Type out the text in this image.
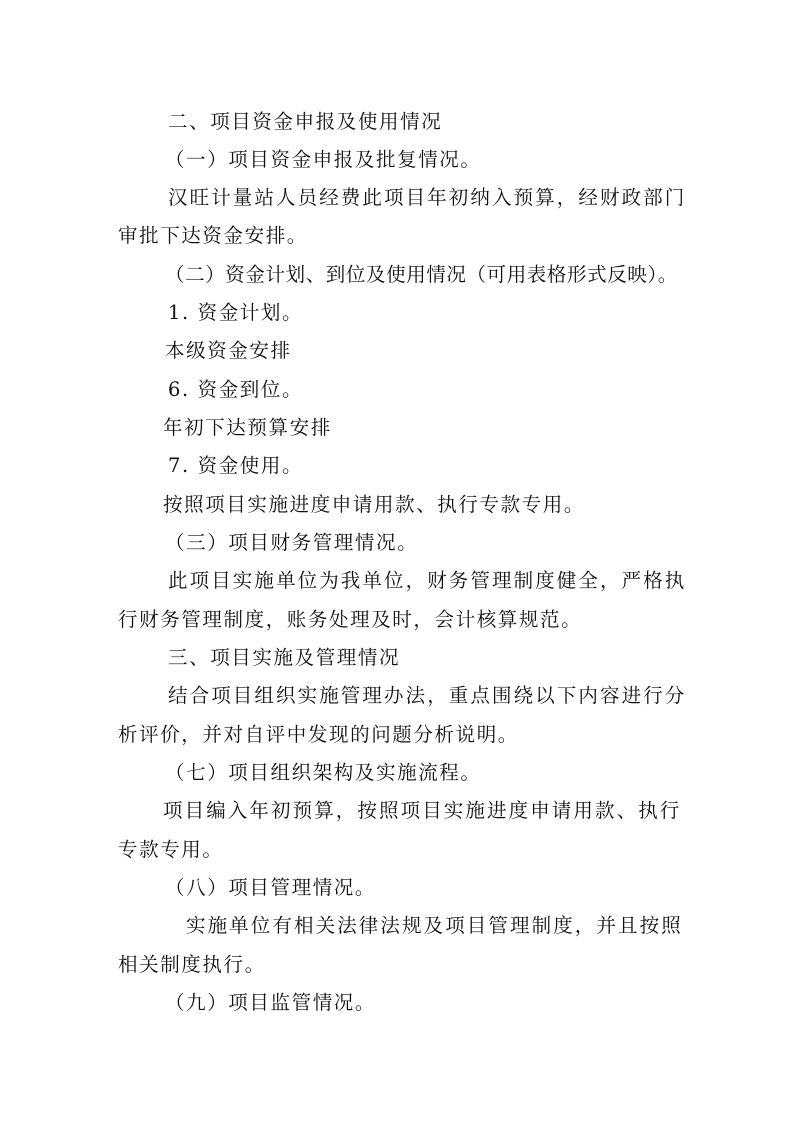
二、项目资金申报及使用情况
（一）项目资金申报及批复情况。
汉旺计量站人员经费此项目年初纳入预算，经财政部门
审批下达资金安排。
（二）资金计划、到位及使用情况（可用表格形式反映）。
1. 资金计划。
本级资金安排
6. 资金到位。
年初下达预算安排
7. 资金使用。
按照项目实施进度申请用款、执行专款专用。
（三）项目财务管理情况。
此项目实施单位为我单位，财务管理制度健全，严格执
行财务管理制度，账务处理及时，会计核算规范。
三、项目实施及管理情况
结合项目组织实施管理办法，重点围绕以下内容进行分
析评价，并对自评中发现的问题分析说明。
（七）项目组织架构及实施流程。
项目编入年初预算，按照项目实施进度申请用款、执行
专款专用。
（八）项目管理情况。
实施单位有相关法律法规及项目管理制度，并且按照
相关制度执行。
（九）项目监管情况。
